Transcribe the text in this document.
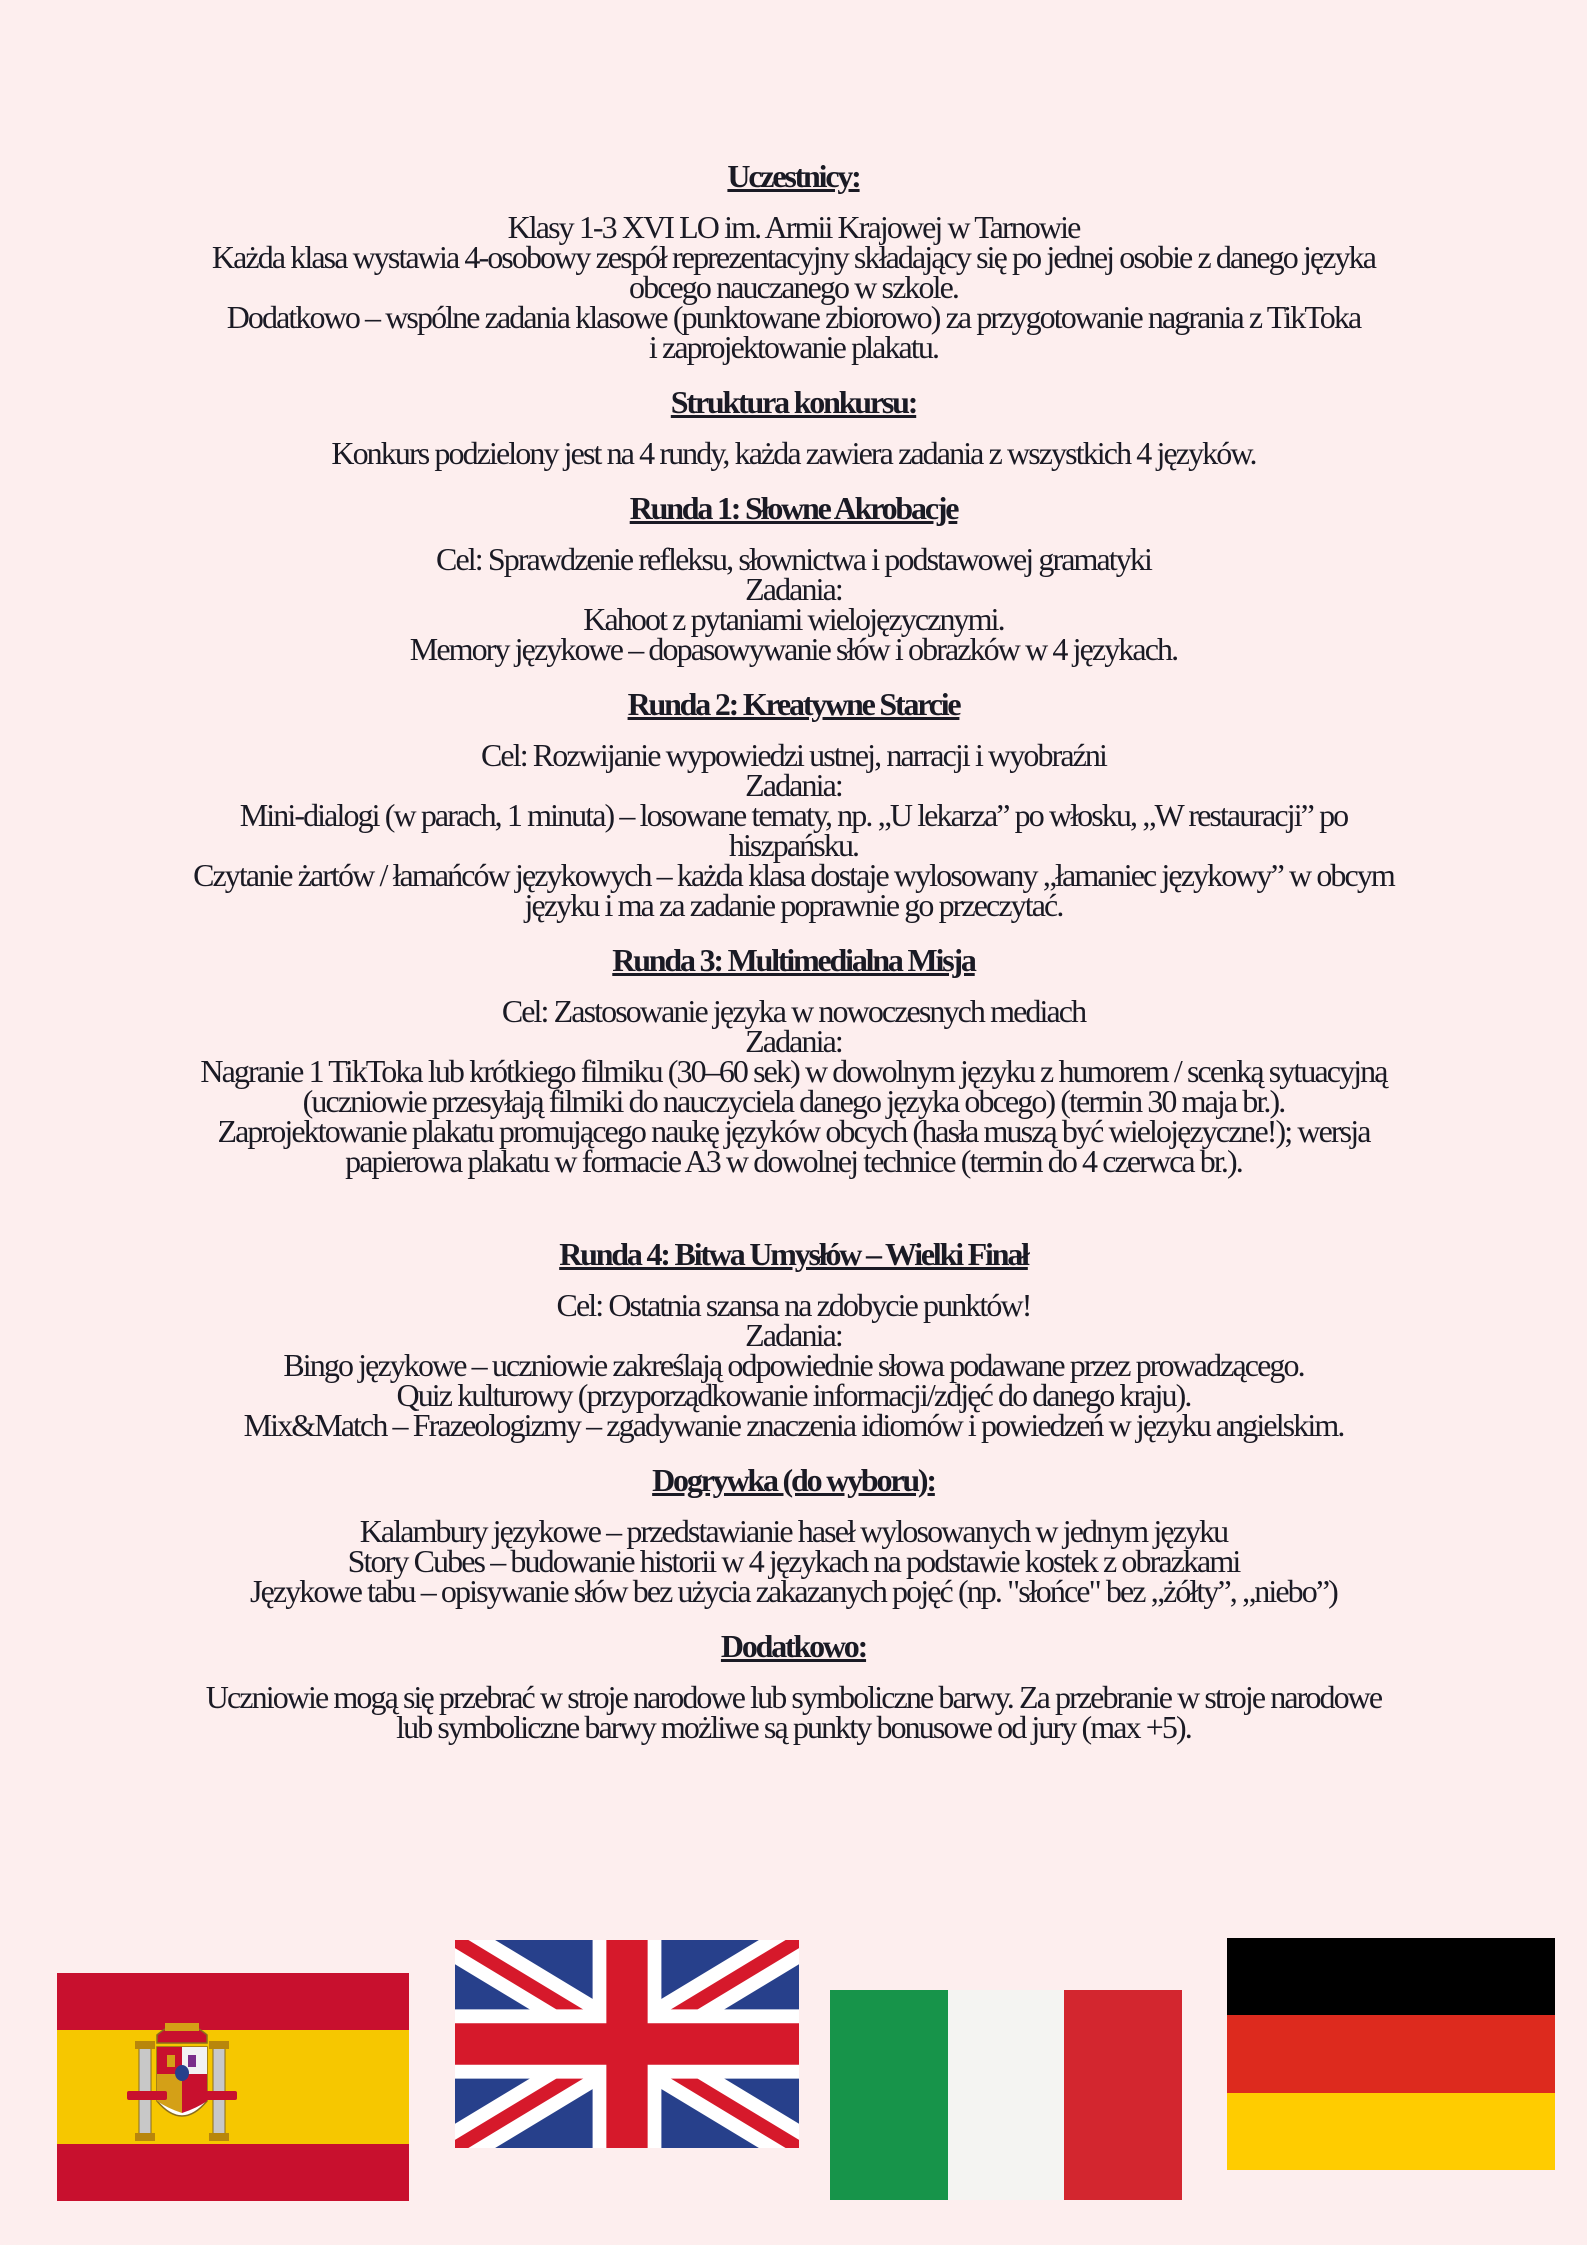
Uczestnicy:

Klasy 1-3 XVI LO im. Armii Krajowej w Tarnowie

Każda klasa wystawia 4-osobowy zespół reprezentacyjny składający się po jednej osobie z danego języka

obcego nauczanego w szkole.

Dodatkowo – wspólne zadania klasowe (punktowane zbiorowo) za przygotowanie nagrania z TikToka

i zaprojektowanie plakatu.

Struktura konkursu:

Konkurs podzielony jest na 4 rundy, każda zawiera zadania z wszystkich 4 języków.

Runda 1: Słowne Akrobacje

Cel: Sprawdzenie refleksu, słownictwa i podstawowej gramatyki

Zadania:

Kahoot z pytaniami wielojęzycznymi.

Memory językowe – dopasowywanie słów i obrazków w 4 językach.

Runda 2: Kreatywne Starcie

Cel: Rozwijanie wypowiedzi ustnej, narracji i wyobraźni

Zadania:

Mini-dialogi (w parach, 1 minuta) – losowane tematy, np. „U lekarza” po włosku, „W restauracji” po

hiszpańsku.

Czytanie żartów / łamańców językowych – każda klasa dostaje wylosowany „łamaniec językowy” w obcym

języku i ma za zadanie poprawnie go przeczytać.

Runda 3: Multimedialna Misja

Cel: Zastosowanie języka w nowoczesnych mediach

Zadania:

Nagranie 1 TikToka lub krótkiego filmiku (30–60 sek) w dowolnym języku z humorem / scenką sytuacyjną

(uczniowie przesyłają filmiki do nauczyciela danego języka obcego) (termin 30 maja br.).

Zaprojektowanie plakatu promującego naukę języków obcych (hasła muszą być wielojęzyczne!); wersja

papierowa plakatu w formacie A3 w dowolnej technice (termin do 4 czerwca br.).

Runda 4: Bitwa Umysłów – Wielki Finał

Cel: Ostatnia szansa na zdobycie punktów!

Zadania:

Bingo językowe – uczniowie zakreślają odpowiednie słowa podawane przez prowadzącego.

Quiz kulturowy (przyporządkowanie informacji/zdjęć do danego kraju).

Mix&Match – Frazeologizmy – zgadywanie znaczenia idiomów i powiedzeń w języku angielskim.

Dogrywka (do wyboru):

Kalambury językowe – przedstawianie haseł wylosowanych w jednym języku

Story Cubes – budowanie historii w 4 językach na podstawie kostek z obrazkami

Językowe tabu – opisywanie słów bez użycia zakazanych pojęć (np. "słońce" bez „żółty”, „niebo”)

Dodatkowo:

Uczniowie mogą się przebrać w stroje narodowe lub symboliczne barwy. Za przebranie w stroje narodowe

lub symboliczne barwy możliwe są punkty bonusowe od jury (max +5).
